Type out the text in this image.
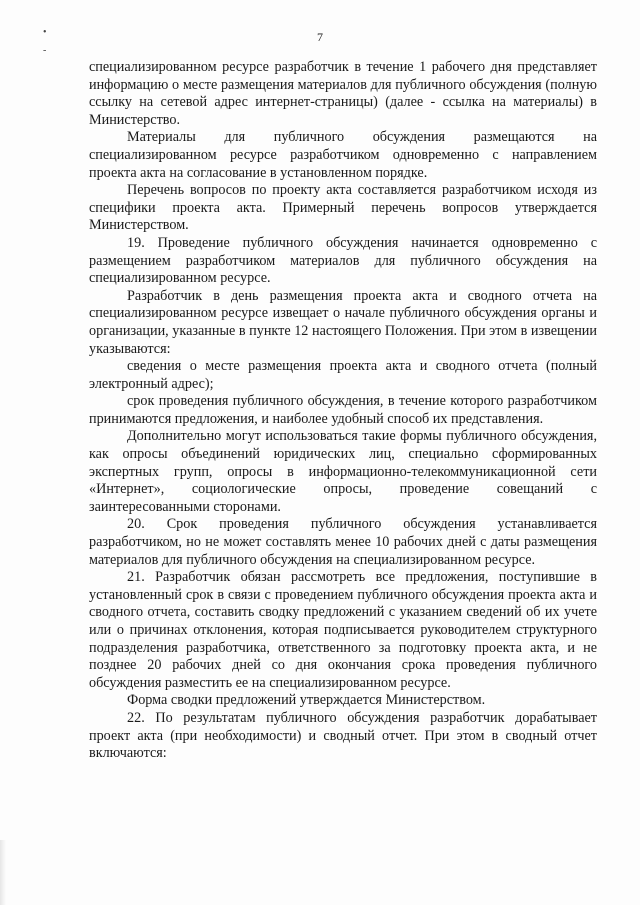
•
-
7

специализированном ресурсе разработчик в течение 1 рабочего дня представляет информацию о месте размещения материалов для публичного обсуждения (полную ссылку на сетевой адрес интернет-страницы) (далее - ссылка на материалы) в Министерство.

Материалы для публичного обсуждения размещаются на специализированном ресурсе разработчиком одновременно с направлением проекта акта на согласование в установленном порядке.

Перечень вопросов по проекту акта составляется разработчиком исходя из специфики проекта акта. Примерный перечень вопросов утверждается Министерством.

19. Проведение публичного обсуждения начинается одновременно с размещением разработчиком материалов для публичного обсуждения на специализированном ресурсе.

Разработчик в день размещения проекта акта и сводного отчета на специализированном ресурсе извещает о начале публичного обсуждения органы и организации, указанные в пункте 12 настоящего Положения. При этом в извещении указываются:

сведения о месте размещения проекта акта и сводного отчета (полный электронный адрес);

срок проведения публичного обсуждения, в течение которого разработчиком принимаются предложения, и наиболее удобный способ их представления.

Дополнительно могут использоваться такие формы публичного обсуждения, как опросы объединений юридических лиц, специально сформированных экспертных групп, опросы в информационно-телекоммуникационной сети «Интернет», социологические опросы, проведение совещаний с заинтересованными сторонами.

20. Срок проведения публичного обсуждения устанавливается разработчиком, но не может составлять менее 10 рабочих дней с даты размещения материалов для публичного обсуждения на специализированном ресурсе.

21. Разработчик обязан рассмотреть все предложения, поступившие в установленный срок в связи с проведением публичного обсуждения проекта акта и сводного отчета, составить сводку предложений с указанием сведений об их учете или о причинах отклонения, которая подписывается руководителем структурного подразделения разработчика, ответственного за подготовку проекта акта, и не позднее 20 рабочих дней со дня окончания срока проведения публичного обсуждения разместить ее на специализированном ресурсе.

Форма сводки предложений утверждается Министерством.

22. По результатам публичного обсуждения разработчик дорабатывает проект акта (при необходимости) и сводный отчет. При этом в сводный отчет включаются:
